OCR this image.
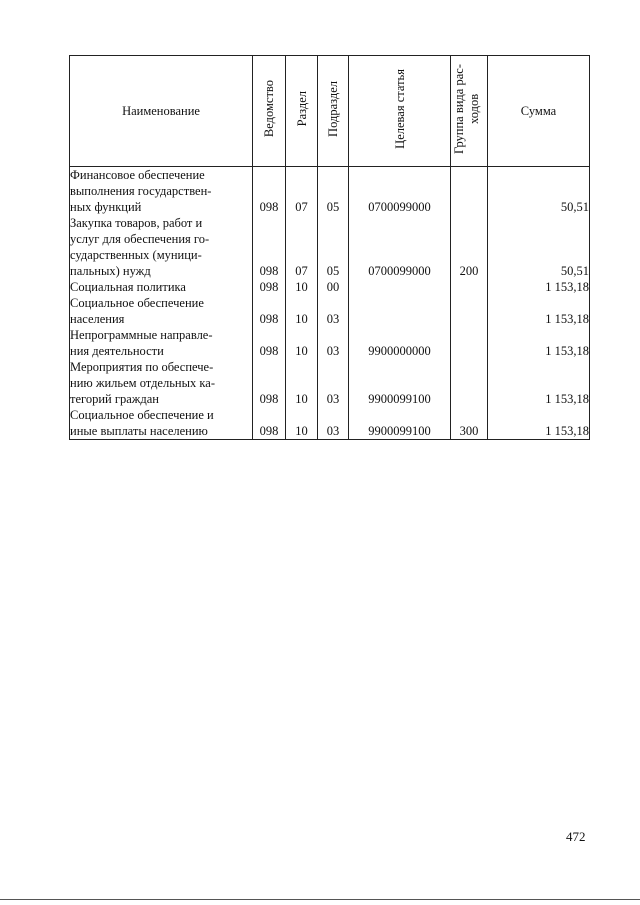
Наименование	Ведомство	Раздел	Подраздел	Целевая статья	Группа вида рас-ходов	Сумма
Финансовое обеспечение
выполнения государствен-
ных функций	098	07	05	0700099000		50,51
Закупка товаров, работ и
услуг для обеспечения го-
сударственных (муници-
пальных) нужд	098	07	05	0700099000	200	50,51
Социальная политика	098	10	00			1 153,18
Социальное обеспечение
населения	098	10	03			1 153,18
Непрограммные направле-
ния деятельности	098	10	03	9900000000		1 153,18
Мероприятия по обеспече-
нию жильем отдельных ка-
тегорий граждан	098	10	03	9900099100		1 153,18
Социальное обеспечение и
иные выплаты населению	098	10	03	9900099100	300	1 153,18
472
